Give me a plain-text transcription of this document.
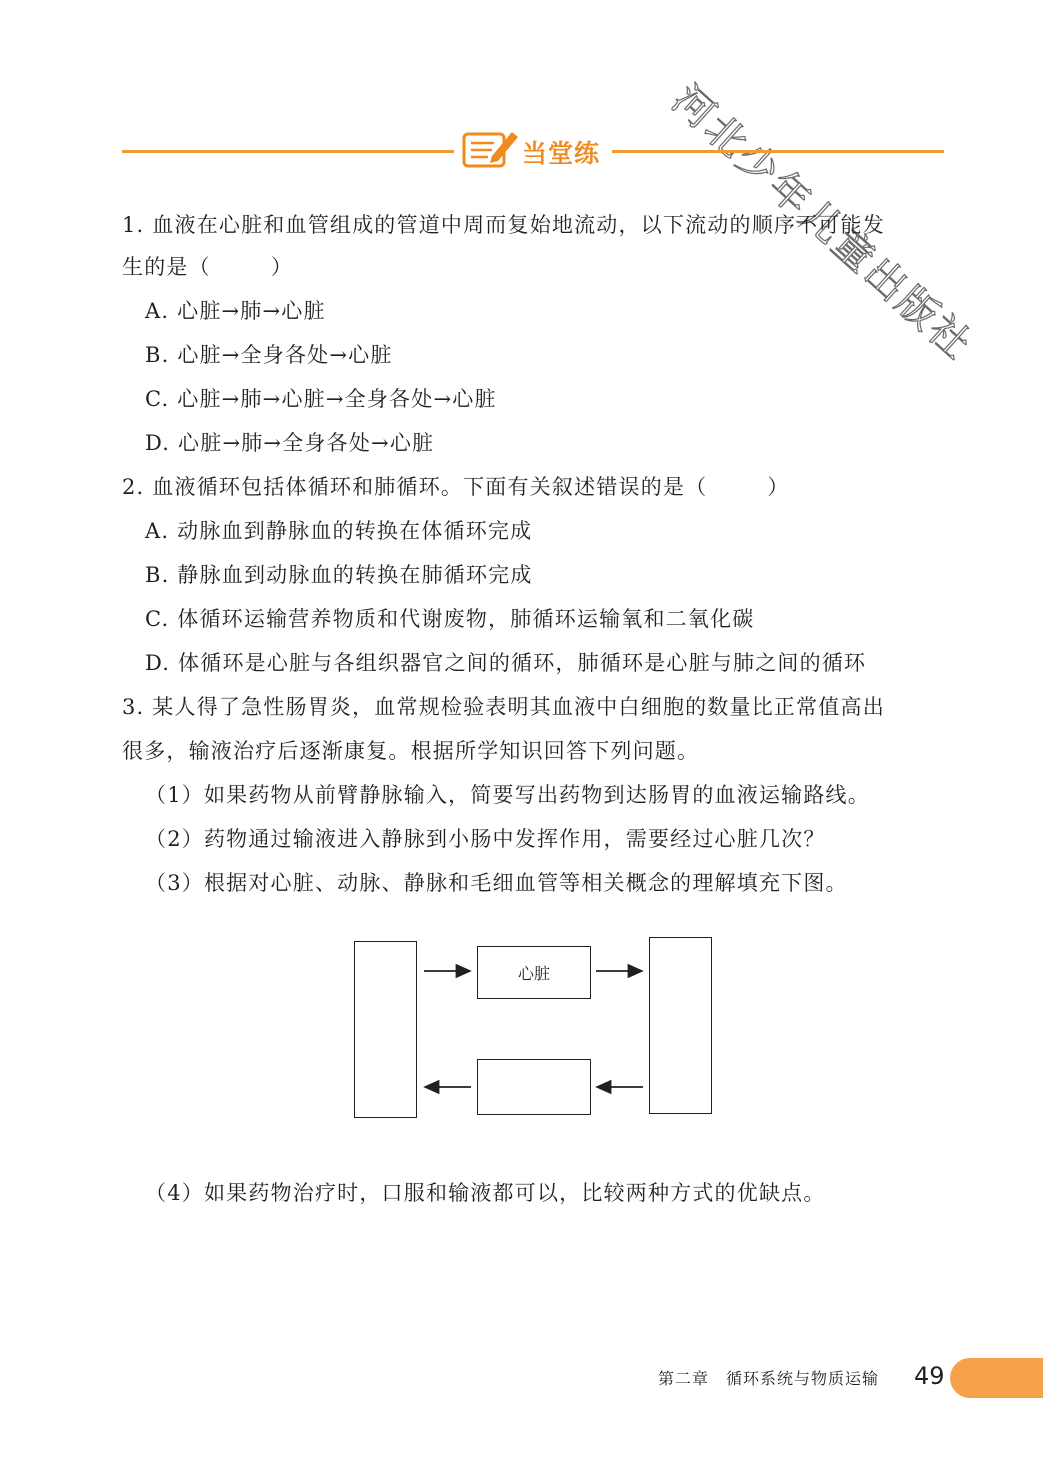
河北少年儿童出版社
当堂练
1. 血液在心脏和血管组成的管道中周而复始地流动，以下流动的顺序不可能发
生的是（	）
A. 心脏→肺→心脏
B. 心脏→全身各处→心脏
C. 心脏→肺→心脏→全身各处→心脏
D. 心脏→肺→全身各处→心脏
2. 血液循环包括体循环和肺循环。下面有关叙述错误的是（	）
A. 动脉血到静脉血的转换在体循环完成
B. 静脉血到动脉血的转换在肺循环完成
C. 体循环运输营养物质和代谢废物，肺循环运输氧和二氧化碳
D. 体循环是心脏与各组织器官之间的循环，肺循环是心脏与肺之间的循环
3. 某人得了急性肠胃炎，血常规检验表明其血液中白细胞的数量比正常值高出
很多，输液治疗后逐渐康复。根据所学知识回答下列问题。
（1）如果药物从前臂静脉输入，简要写出药物到达肠胃的血液运输路线。
（2）药物通过输液进入静脉到小肠中发挥作用，需要经过心脏几次？
（3）根据对心脏、动脉、静脉和毛细血管等相关概念的理解填充下图。
心脏
（4）如果药物治疗时，口服和输液都可以，比较两种方式的优缺点。
第二章　循环系统与物质运输 49
